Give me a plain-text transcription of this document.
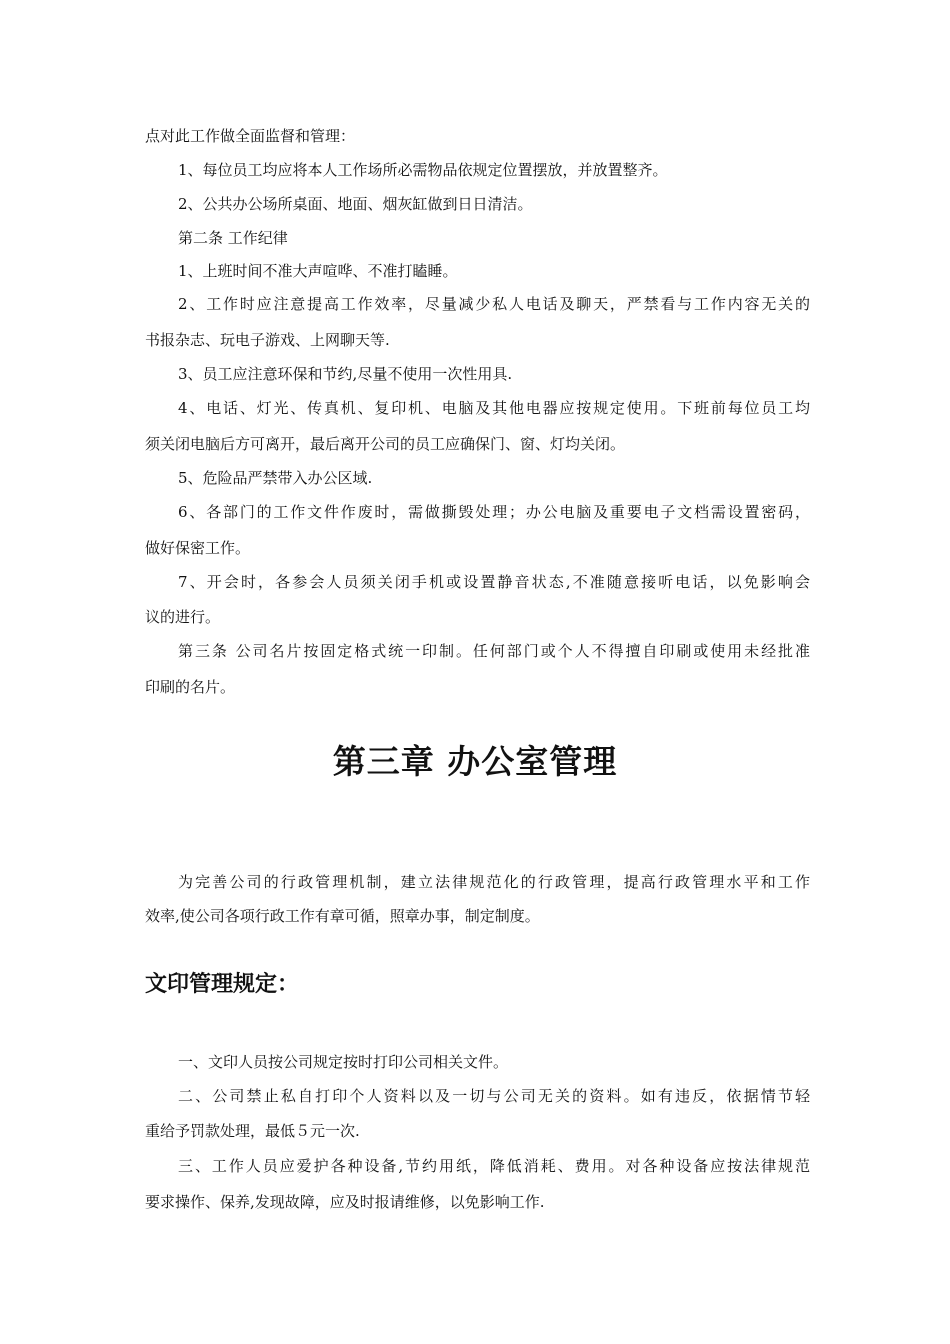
点对此工作做全面监督和管理：
1、每位员工均应将本人工作场所必需物品依规定位置摆放，并放置整齐。
2、公共办公场所桌面、地面、烟灰缸做到日日清洁。
第二条 工作纪律
1、上班时间不准大声喧哗、不准打瞌睡。
2、工作时应注意提高工作效率，尽量减少私人电话及聊天，严禁看与工作内容无关的
书报杂志、玩电子游戏、上网聊天等.
3、员工应注意环保和节约,尽量不使用一次性用具.
4、电话、灯光、传真机、复印机、电脑及其他电器应按规定使用。下班前每位员工均
须关闭电脑后方可离开，最后离开公司的员工应确保门、窗、灯均关闭。
5、危险品严禁带入办公区域.
6、各部门的工作文件作废时，需做撕毁处理；办公电脑及重要电子文档需设置密码，
做好保密工作。
7、开会时，各参会人员须关闭手机或设置静音状态,不准随意接听电话，以免影响会
议的进行。
第三条 公司名片按固定格式统一印制。任何部门或个人不得擅自印刷或使用未经批准
印刷的名片。
第三章 办公室管理
为完善公司的行政管理机制，建立法律规范化的行政管理，提高行政管理水平和工作
效率,使公司各项行政工作有章可循，照章办事，制定制度。
文印管理规定：
一、文印人员按公司规定按时打印公司相关文件。
二、公司禁止私自打印个人资料以及一切与公司无关的资料。如有违反，依据情节轻
重给予罚款处理，最低５元一次.
三、工作人员应爱护各种设备,节约用纸，降低消耗、费用。对各种设备应按法律规范
要求操作、保养,发现故障，应及时报请维修，以免影响工作.
